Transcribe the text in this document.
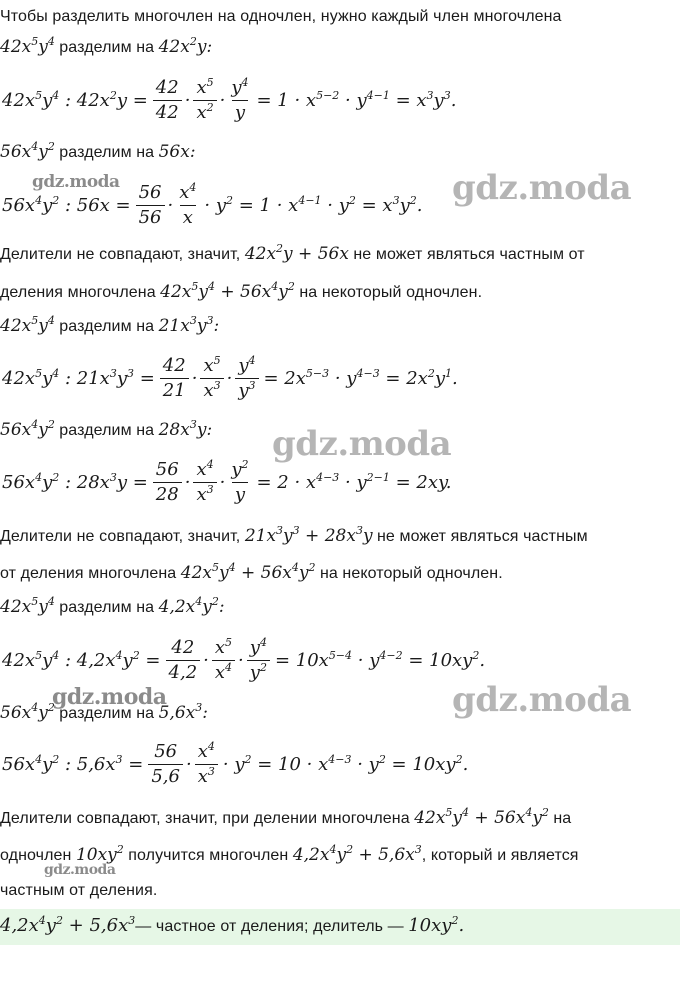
Чтобы разделить многочлен на одночлен, нужно каждый член многочлена
$42x^5y^4$ разделим на $42x^2y$:
$42x^5y^4$ : $42x^2y = \frac{42}{42} \cdot \frac{x^5}{x^2} \cdot \frac{y^4}{y} = 1 \cdot x^{5-2} \cdot y^{4-1} = x^3y^3$.
$56x^4y^2$ разделим на 56x:
$56x^4y^2$ : $56x = \frac{56}{56} \cdot \frac{x^4}{x} \cdot y^2 = 1 \cdot x^{4-1} \cdot y^2 = x^3y^2$.
Делители не совпадают, значит, $42x^2y + 56x$ не может являться частным от
деления многочлена $42x^5y^4 + 56x^4y^2$ на некоторый одночлен.
$42x^5y^4$ разделим на $21x^3y^3$:
$42x^5y^4$ : $21x^3y^3 = \frac{42}{21} \cdot \frac{x^5}{x^3} \cdot \frac{y^4}{y^3} = 2x^{5-3} \cdot y^{4-3} = 2x^2y^1$.
$56x^4y^2$ разделим на $28x^3y$:
$56x^4y^2$ : $28x^3y = \frac{56}{28} \cdot \frac{x^4}{x^3} \cdot \frac{y^2}{y} = 2 \cdot x^{4-3} \cdot y^{2-1} = 2xy$.
Делители не совпадают, значит, $21x^3y^3 + 28x^3y$ не может являться частным
от деления многочлена $42x^5y^4 + 56x^4y^2$ на некоторый одночлен.
$42x^5y^4$ разделим на $4,2x^4y^2$:
$42x^5y^4$ : $4,2x^4y^2 = \frac{42}{4,2} \cdot \frac{x^5}{x^4} \cdot \frac{y^4}{y^2} = 10x^{5-4} \cdot y^{4-2} = 10xy^2$.
$56x^4y^2$ разделим на $5,6x^3$:
$56x^4y^2$ : $5,6x^3 = \frac{56}{5,6} \cdot \frac{x^4}{x^3} \cdot y^2 = 10 \cdot x^{4-3} \cdot y^2 = 10xy^2$.
Делители совпадают, значит, при делении многочлена $42x^5y^4 + 56x^4y^2$ на
одночлен $10xy^2$ получится многочлен $4,2x^4y^2 + 5,6x^3$, который и является
частным от деления.
$4,2x^4y^2$ + $5,6x^3—$ частное от деления; делитель — $10xy^2$.
gdz.moda	gdz.moda
gdz.moda
gdz.moda	gdz.moda
gdz.moda
